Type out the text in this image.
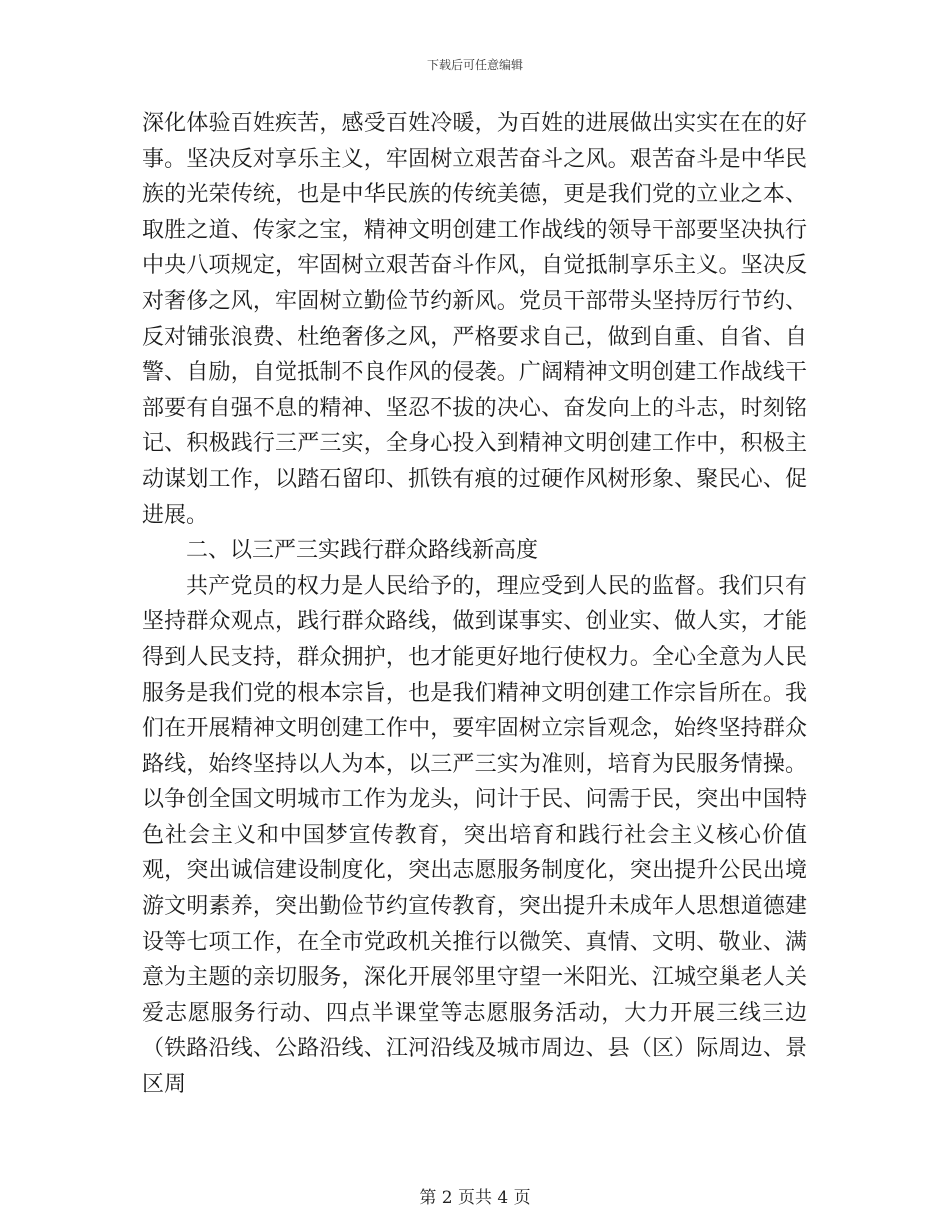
下载后可任意编辑

深化体验百姓疾苦，感受百姓冷暖，为百姓的进展做出实实在在的好事。坚决反对享乐主义，牢固树立艰苦奋斗之风。艰苦奋斗是中华民族的光荣传统，也是中华民族的传统美德，更是我们党的立业之本、取胜之道、传家之宝，精神文明创建工作战线的领导干部要坚决执行中央八项规定，牢固树立艰苦奋斗作风，自觉抵制享乐主义。坚决反对奢侈之风，牢固树立勤俭节约新风。党员干部带头坚持厉行节约、反对铺张浪费、杜绝奢侈之风，严格要求自己，做到自重、自省、自警、自励，自觉抵制不良作风的侵袭。广阔精神文明创建工作战线干部要有自强不息的精神、坚忍不拔的决心、奋发向上的斗志，时刻铭记、积极践行三严三实，全身心投入到精神文明创建工作中，积极主动谋划工作，以踏石留印、抓铁有痕的过硬作风树形象、聚民心、促进展。

二、以三严三实践行群众路线新高度

共产党员的权力是人民给予的，理应受到人民的监督。我们只有坚持群众观点，践行群众路线，做到谋事实、创业实、做人实，才能得到人民支持，群众拥护，也才能更好地行使权力。全心全意为人民服务是我们党的根本宗旨，也是我们精神文明创建工作宗旨所在。我们在开展精神文明创建工作中，要牢固树立宗旨观念，始终坚持群众路线，始终坚持以人为本，以三严三实为准则，培育为民服务情操。以争创全国文明城市工作为龙头，问计于民、问需于民，突出中国特色社会主义和中国梦宣传教育，突出培育和践行社会主义核心价值观，突出诚信建设制度化，突出志愿服务制度化，突出提升公民出境游文明素养，突出勤俭节约宣传教育，突出提升未成年人思想道德建设等七项工作，在全市党政机关推行以微笑、真情、文明、敬业、满意为主题的亲切服务，深化开展邻里守望一米阳光、江城空巢老人关爱志愿服务行动、四点半课堂等志愿服务活动，大力开展三线三边（铁路沿线、公路沿线、江河沿线及城市周边、县（区）际周边、景区周

第 2 页共 4 页
